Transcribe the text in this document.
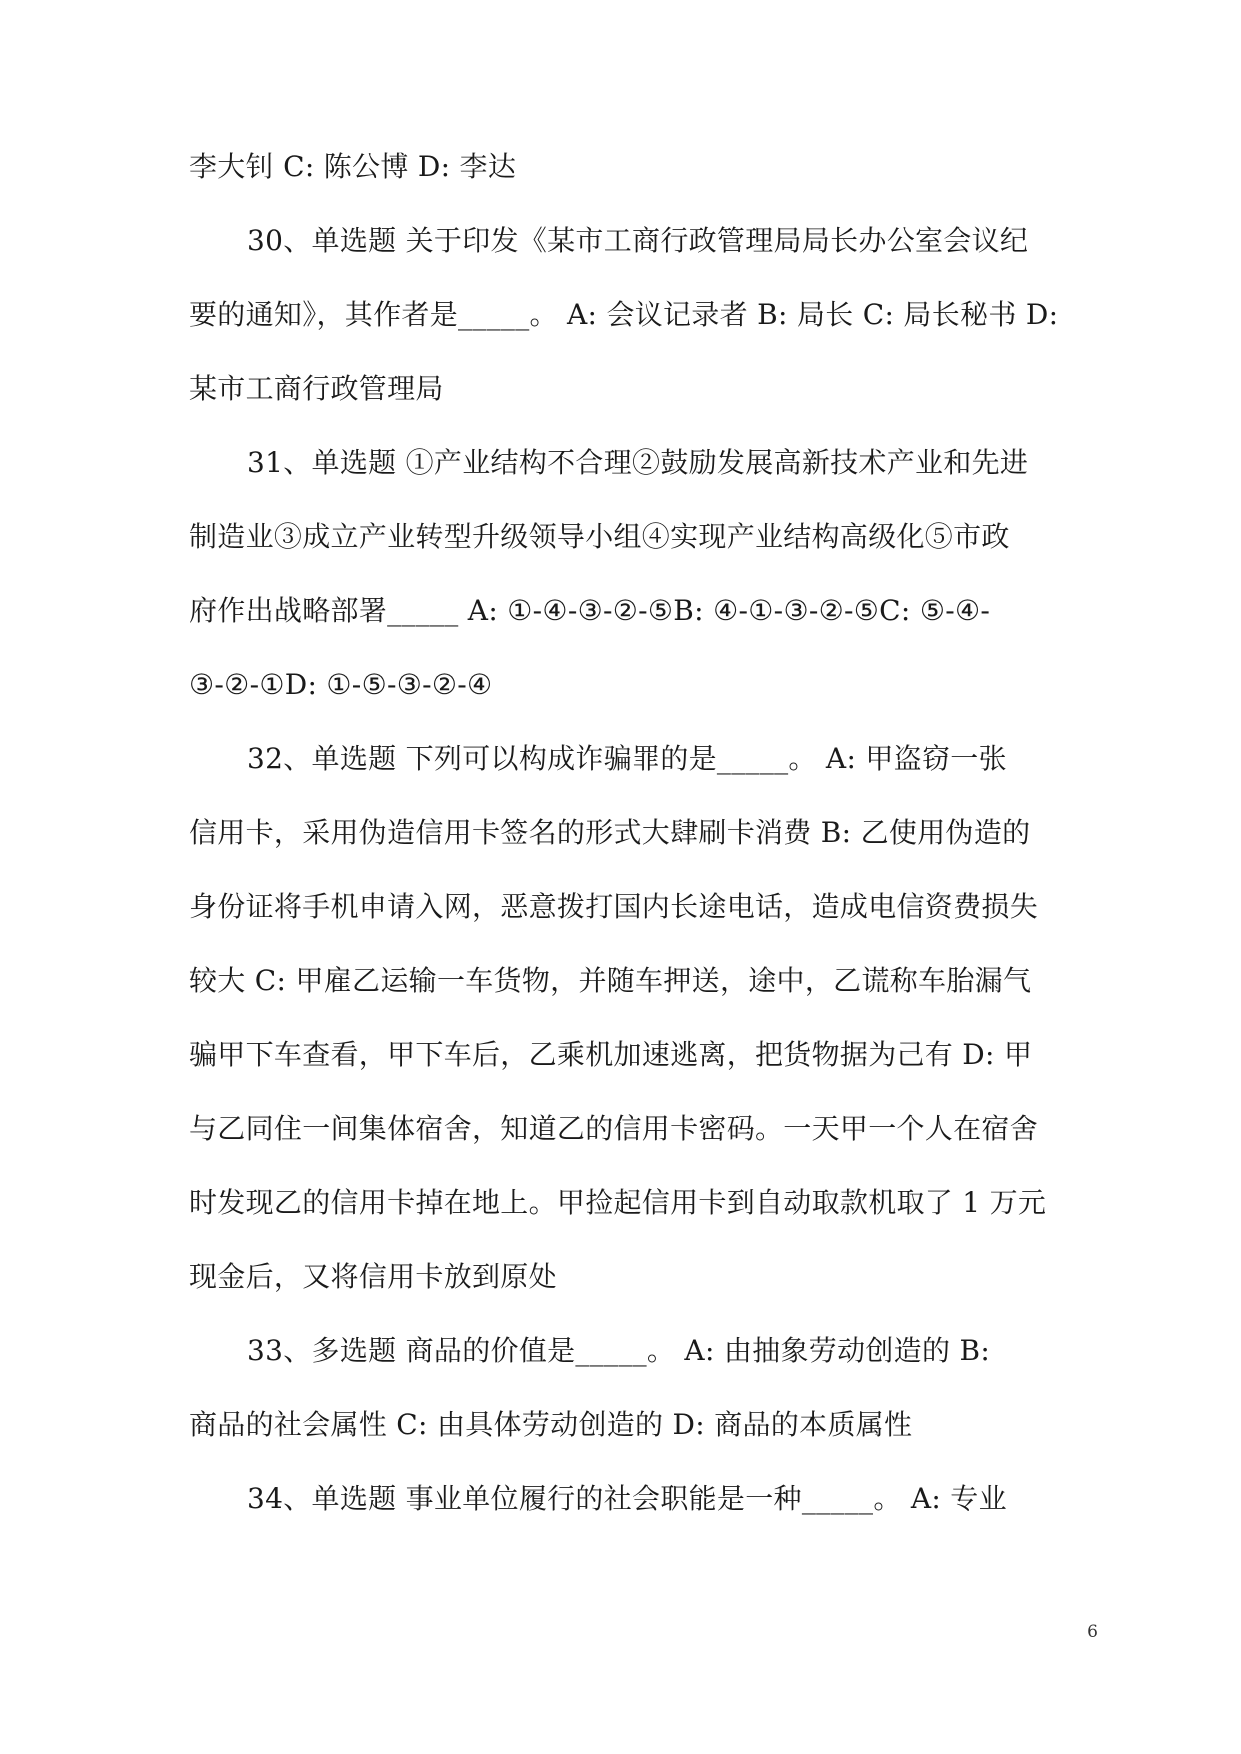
李大钊 C: 陈公博 D: 李达
30、单选题 关于印发《某市工商行政管理局局长办公室会议纪
要的通知》，其作者是_____。 A: 会议记录者 B: 局长 C: 局长秘书 D:
某市工商行政管理局
31、单选题 ①产业结构不合理②鼓励发展高新技术产业和先进
制造业③成立产业转型升级领导小组④实现产业结构高级化⑤市政
府作出战略部署_____ A: ①-④-③-②-⑤B: ④-①-③-②-⑤C: ⑤-④-
③-②-①D: ①-⑤-③-②-④
32、单选题 下列可以构成诈骗罪的是_____。 A: 甲盗窃一张
信用卡，采用伪造信用卡签名的形式大肆刷卡消费 B: 乙使用伪造的
身份证将手机申请入网，恶意拨打国内长途电话，造成电信资费损失
较大 C: 甲雇乙运输一车货物，并随车押送，途中，乙谎称车胎漏气
骗甲下车查看，甲下车后，乙乘机加速逃离，把货物据为己有 D: 甲
与乙同住一间集体宿舍，知道乙的信用卡密码。一天甲一个人在宿舍
时发现乙的信用卡掉在地上。甲捡起信用卡到自动取款机取了 1 万元
现金后，又将信用卡放到原处
33、多选题 商品的价值是_____。 A: 由抽象劳动创造的 B:
商品的社会属性 C: 由具体劳动创造的 D: 商品的本质属性
34、单选题 事业单位履行的社会职能是一种_____。 A: 专业
6
